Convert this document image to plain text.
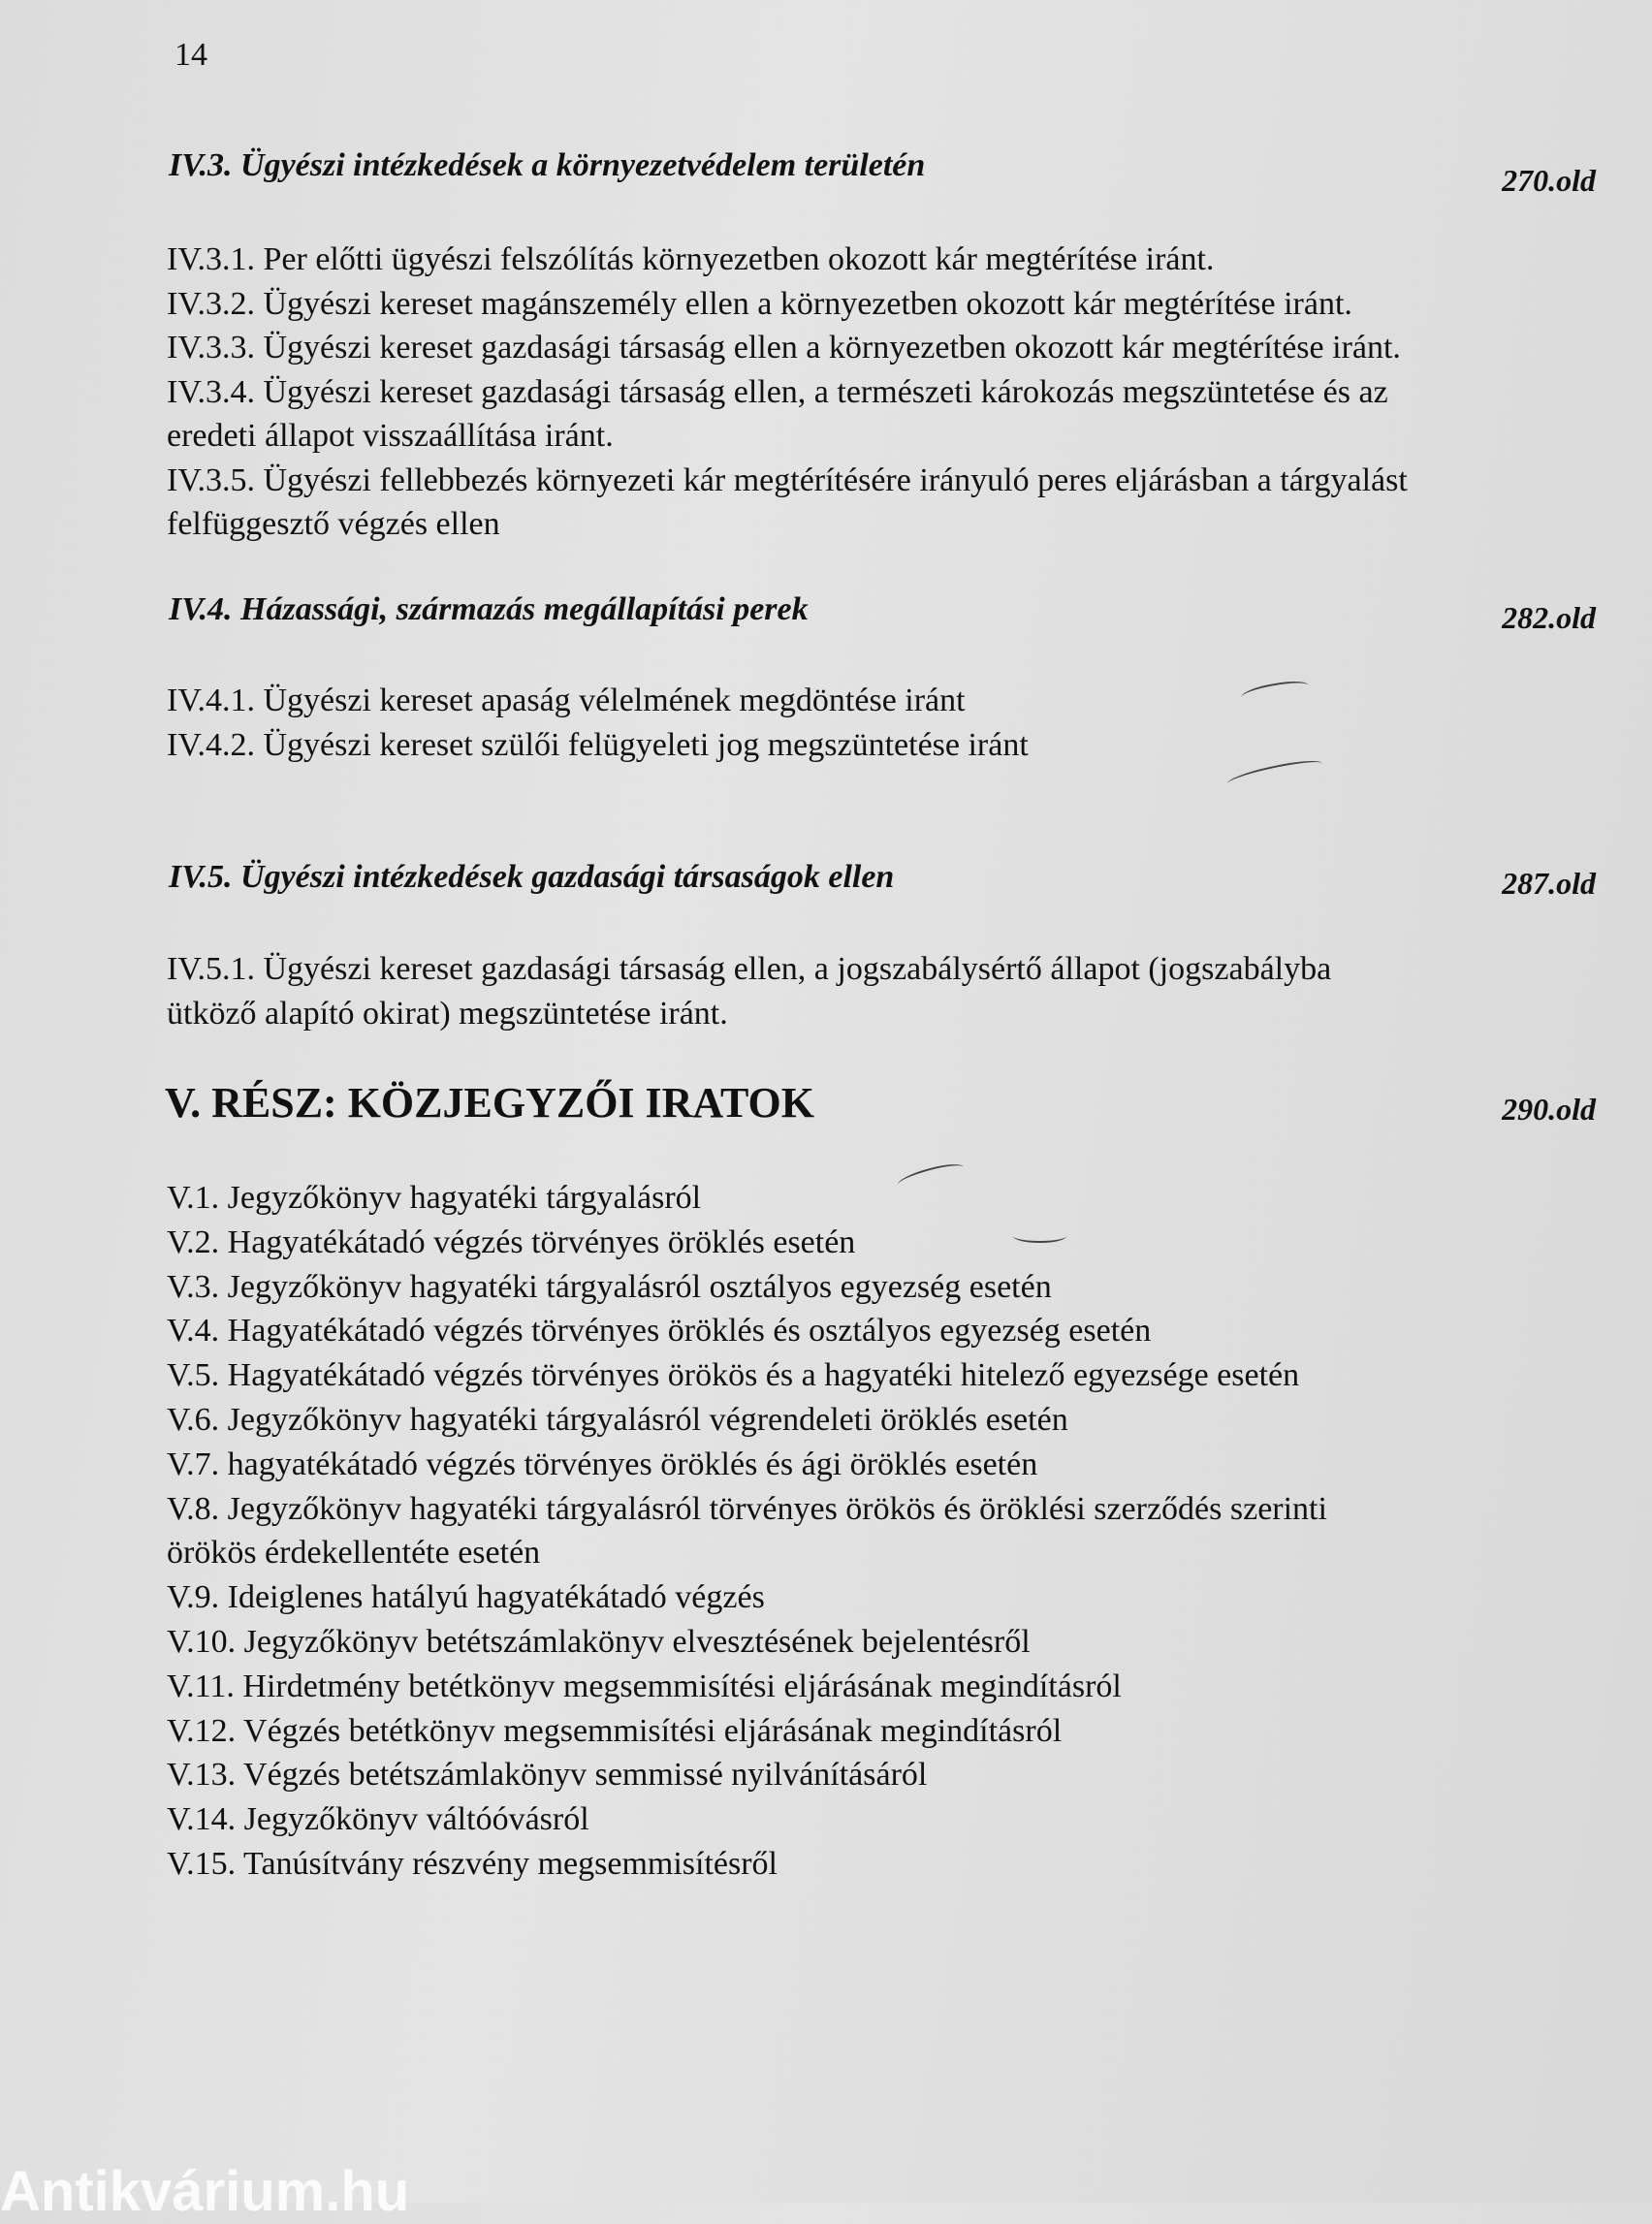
14
IV.3. Ügyészi intézkedések a környezetvédelem területén	270.old
IV.3.1. Per előtti ügyészi felszólítás környezetben okozott kár megtérítése iránt.
IV.3.2. Ügyészi kereset magánszemély ellen a környezetben okozott kár megtérítése iránt.
IV.3.3. Ügyészi kereset gazdasági társaság ellen a környezetben okozott kár megtérítése iránt.
IV.3.4. Ügyészi kereset gazdasági társaság ellen, a természeti károkozás megszüntetése és az
eredeti állapot visszaállítása iránt.
IV.3.5. Ügyészi fellebbezés környezeti kár megtérítésére irányuló peres eljárásban a tárgyalást
felfüggesztő végzés ellen
IV.4. Házassági, származás megállapítási perek	282.old
IV.4.1. Ügyészi kereset apaság vélelmének megdöntése iránt
IV.4.2. Ügyészi kereset szülői felügyeleti jog megszüntetése iránt
IV.5. Ügyészi intézkedések gazdasági társaságok ellen	287.old
IV.5.1. Ügyészi kereset gazdasági társaság ellen, a jogszabálysértő állapot (jogszabályba
ütköző alapító okirat) megszüntetése iránt.
V. RÉSZ: KÖZJEGYZŐI IRATOK	290.old
V.1. Jegyzőkönyv hagyatéki tárgyalásról
V.2. Hagyatékátadó végzés törvényes öröklés esetén
V.3. Jegyzőkönyv hagyatéki tárgyalásról osztályos egyezség esetén
V.4. Hagyatékátadó végzés törvényes öröklés és osztályos egyezség esetén
V.5. Hagyatékátadó végzés törvényes örökös és a hagyatéki hitelező egyezsége esetén
V.6. Jegyzőkönyv hagyatéki tárgyalásról végrendeleti öröklés esetén
V.7. hagyatékátadó végzés törvényes öröklés és ági öröklés esetén
V.8. Jegyzőkönyv hagyatéki tárgyalásról törvényes örökös és öröklési szerződés szerinti
örökös érdekellentéte esetén
V.9. Ideiglenes hatályú hagyatékátadó végzés
V.10. Jegyzőkönyv betétszámlakönyv elvesztésének bejelentésről
V.11. Hirdetmény betétkönyv megsemmisítési eljárásának megindításról
V.12. Végzés betétkönyv megsemmisítési eljárásának megindításról
V.13. Végzés betétszámlakönyv semmissé nyilvánításáról
V.14. Jegyzőkönyv váltóóvásról
V.15. Tanúsítvány részvény megsemmisítésről
Antikvárium.hu
